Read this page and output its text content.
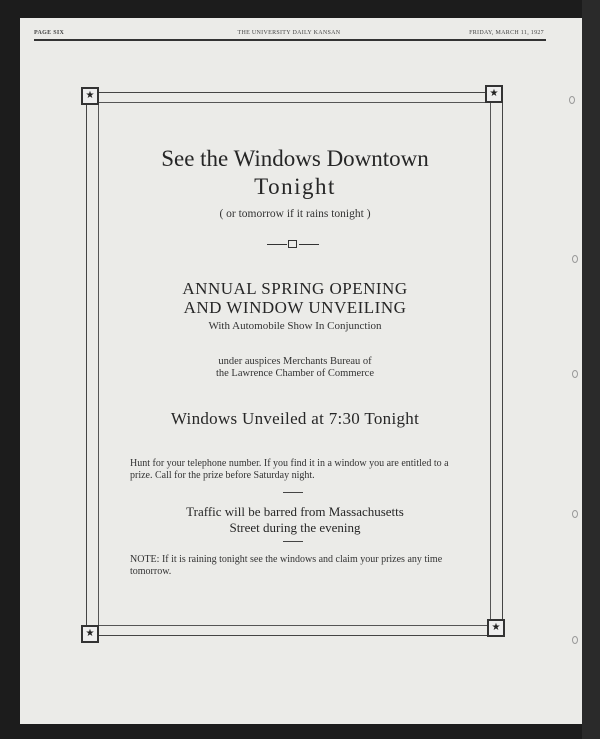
PAGE SIX	THE UNIVERSITY DAILY KANSAN	FRIDAY, MARCH 11, 1927
★	★
★
★
See the Windows Downtown
Tonight
( or tomorrow if it rains tonight )
ANNUAL SPRING OPENING
AND WINDOW UNVEILING
With Automobile Show In Conjunction
under auspices Merchants Bureau of
the Lawrence Chamber of Commerce
Windows Unveiled at 7:30 Tonight
Hunt for your telephone number. If you find it in a window you are entitled to a prize. Call for the prize before Saturday night.
Traffic will be barred from Massachusetts
Street during the evening
NOTE: If it is raining tonight see the windows and claim your prizes any time tomorrow.
